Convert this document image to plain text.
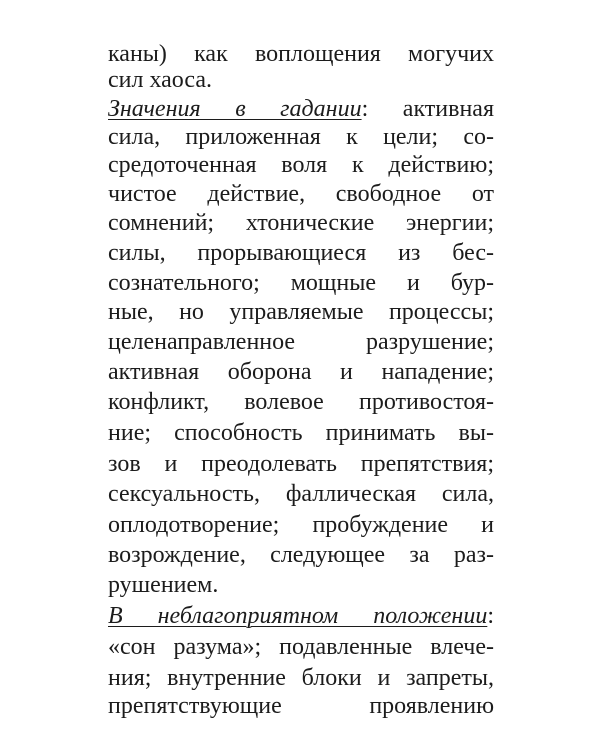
каны) как воплощения могучих
сил хаоса.
Значения в гадании: активная
сила, приложенная к цели; со-
средоточенная воля к действию;
чистое действие, свободное от
сомнений; хтонические энергии;
силы, прорывающиеся из бес-
сознательного; мощные и бур-
ные, но управляемые процессы;
целенаправленное разрушение;
активная оборона и нападение;
конфликт, волевое противостоя-
ние; способность принимать вы-
зов и преодолевать препятствия;
сексуальность, фаллическая сила,
оплодотворение; пробуждение и
возрождение, следующее за раз-
рушением.
В неблагоприятном положении:
«сон разума»; подавленные влече-
ния; внутренние блоки и запреты,
препятствующие проявлению
